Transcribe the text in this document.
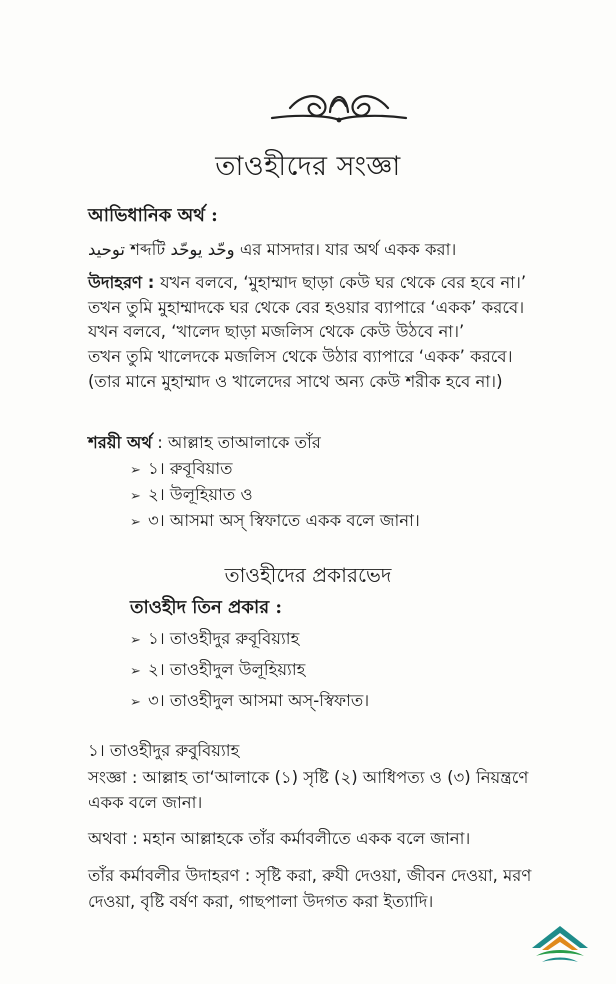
তাওহীদের সংজ্ঞা
আভিধানিক অর্থ :
توحيد শব্দটি وحّد يوحّد এর মাসদার। যার অর্থ একক করা।
উদাহরণ : যখন বলবে, ‘মুহাম্মাদ ছাড়া কেউ ঘর থেকে বের হবে না।’
তখন তুমি মুহাম্মাদকে ঘর থেকে বের হওয়ার ব্যাপারে ‘একক’ করবে।
যখন বলবে, ‘খালেদ ছাড়া মজলিস থেকে কেউ উঠবে না।’
তখন তুমি খালেদকে মজলিস থেকে উঠার ব্যাপারে ‘একক’ করবে।
(তার মানে মুহাম্মাদ ও খালেদের সাথে অন্য কেউ শরীক হবে না।)
শরয়ী অর্থ : আল্লাহ তাআলাকে তাঁর
➢ ১। রুবূবিয়াত
➢ ২। উলূহিয়াত ও
➢ ৩। আসমা অস্ স্বিফাতে একক বলে জানা।
তাওহীদের প্রকারভেদ
তাওহীদ তিন প্রকার :
➢ ১। তাওহীদুর রুবূবিয়্যাহ
➢ ২। তাওহীদুল উলূহিয়্যাহ
➢ ৩। তাওহীদুল আসমা অস্-স্বিফাত।
১। তাওহীদুর রুবুবিয়্যাহ
সংজ্ঞা : আল্লাহ তা‘আলাকে (১) সৃষ্টি (২) আধিপত্য ও (৩) নিয়ন্ত্রণে
একক বলে জানা।
অথবা : মহান আল্লাহকে তাঁর কর্মাবলীতে একক বলে জানা।
তাঁর কর্মাবলীর উদাহরণ : সৃষ্টি করা, রুযী দেওয়া, জীবন দেওয়া, মরণ
দেওয়া, বৃষ্টি বর্ষণ করা, গাছপালা উদগত করা ইত্যাদি।
